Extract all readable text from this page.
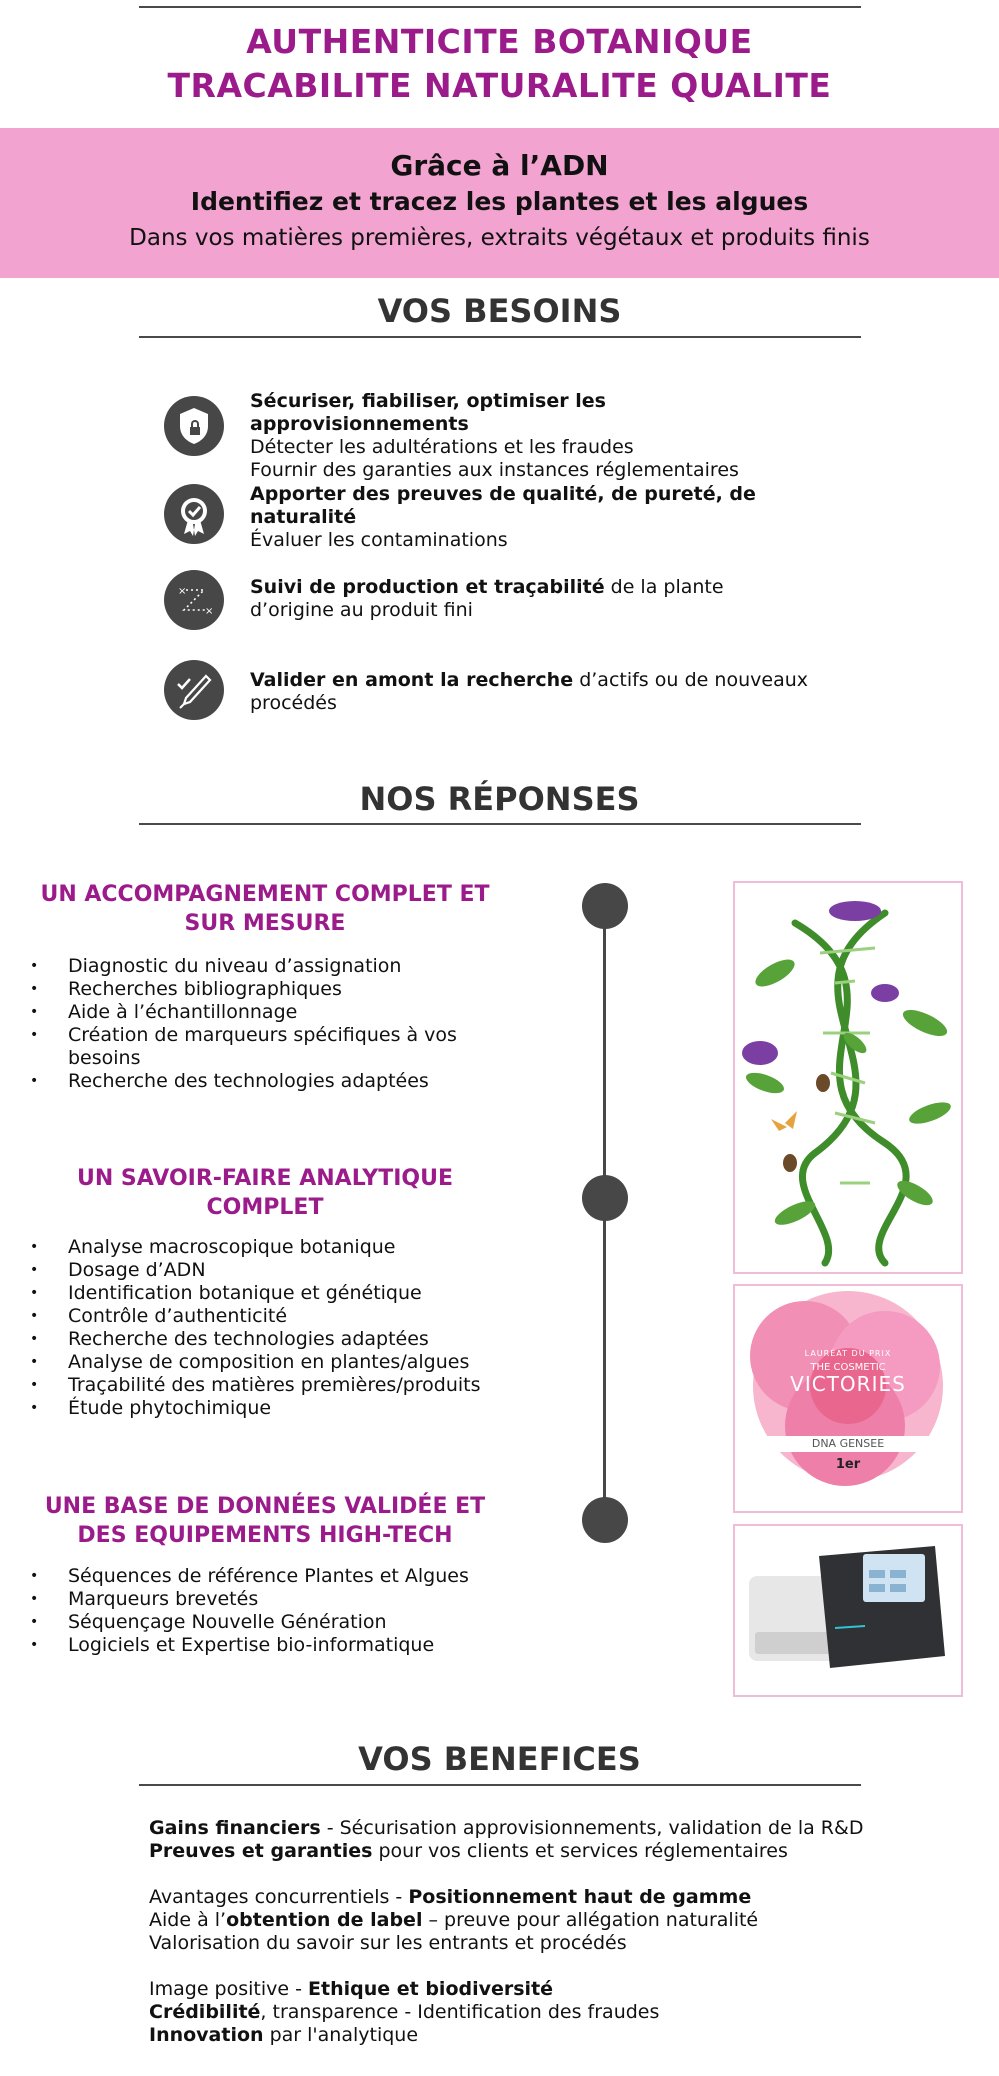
AUTHENTICITE BOTANIQUE
TRACABILITE NATURALITE QUALITE
Grâce à l’ADN
Identifiez et tracez les plantes et les algues
Dans vos matières premières, extraits végétaux et produits finis
VOS BESOINS
Sécuriser, fiabiliser, optimiser les approvisionnements
Détecter les adultérations et les fraudes
Fournir des garanties aux instances réglementaires
Apporter des preuves de qualité, de pureté, de naturalité
Évaluer les contaminations
×
×
Suivi de production et traçabilité de la plante d’origine au produit fini
Valider en amont la recherche d’actifs ou de nouveaux procédés
NOS RÉPONSES
UN ACCOMPAGNEMENT COMPLET ET
SUR MESURE
• Diagnostic du niveau d’assignation
• Recherches bibliographiques
• Aide à l’échantillonnage
• Création de marqueurs spécifiques à vos besoins
• Recherche des technologies adaptées
UN SAVOIR-FAIRE ANALYTIQUE
COMPLET
• Analyse macroscopique botanique
• Dosage d’ADN
• Identification botanique et génétique
• Contrôle d’authenticité
• Recherche des technologies adaptées
• Analyse de composition en plantes/algues
• Traçabilité des matières premières/produits
• Étude phytochimique
UNE BASE DE DONNÉES VALIDÉE ET
DES EQUIPEMENTS HIGH-TECH
• Séquences de référence Plantes et Algues
• Marqueurs brevetés
• Séquençage Nouvelle Génération
• Logiciels et Expertise bio-informatique
LAURÉAT DU PRIX
THE COSMETIC
VICTORIES
DNA GENSEE
1er
VOS BENEFICES

Gains financiers - Sécurisation approvisionnements, validation de la R&D

Preuves et garanties pour vos clients et services réglementaires

Avantages concurrentiels - Positionnement haut de gamme

Aide à l’obtention de label – preuve pour allégation naturalité

Valorisation du savoir sur les entrants et procédés

Image positive - Ethique et biodiversité

Crédibilité, transparence - Identification des fraudes

Innovation par l'analytique
